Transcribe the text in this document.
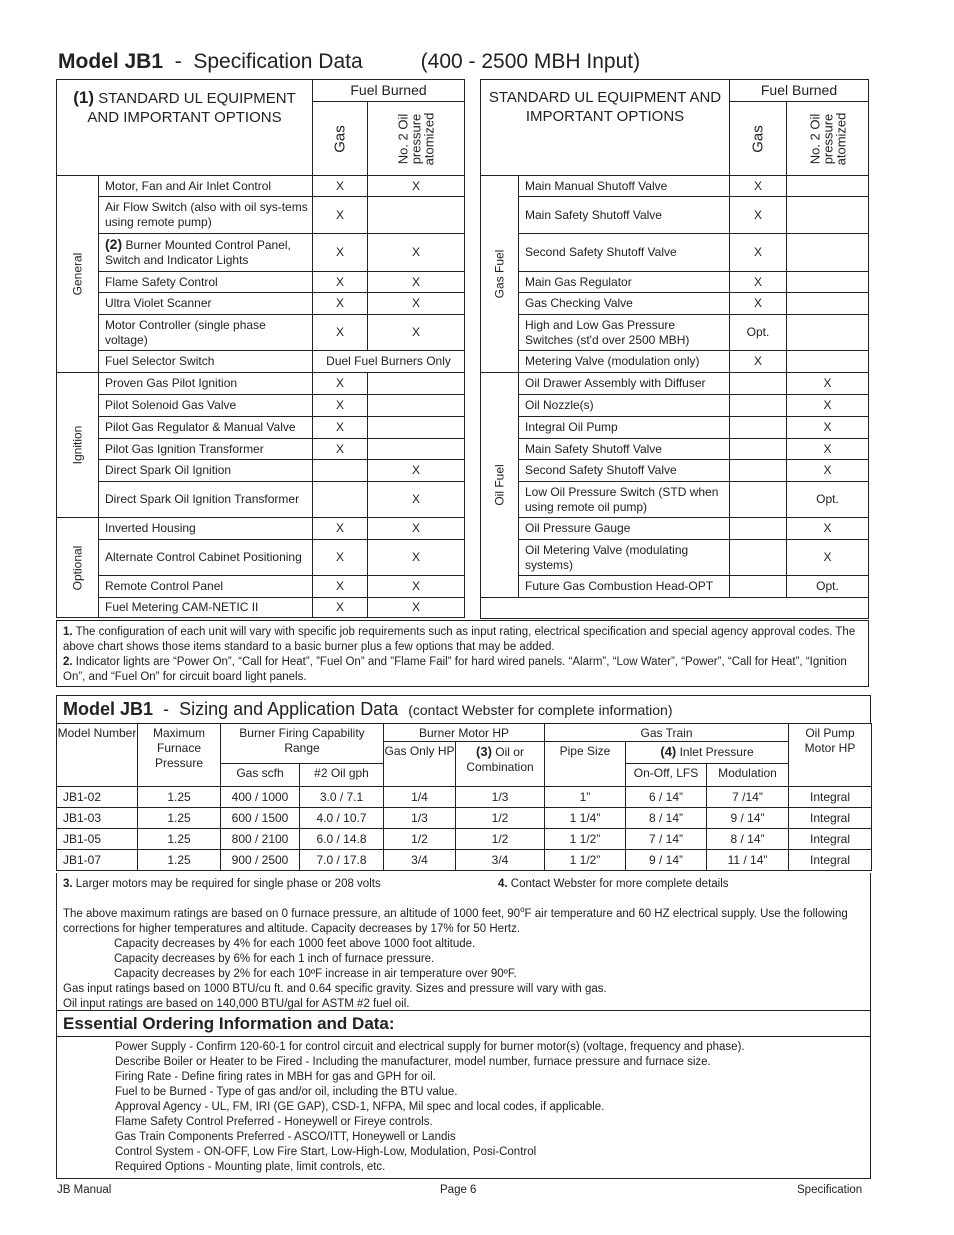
Model JB1 - Specification Data	(400 - 2500 MBH Input)
(1) STANDARD UL EQUIPMENT AND IMPORTANT OPTIONS		Fuel Burned	

		Gas	No. 2 Oil pressure atomized

General	Motor, Fan and Air Inlet Control	X	X
	Air Flow Switch (also with oil sys-tems using remote pump)	X	
	(2) Burner Mounted Control Panel, Switch and Indicator Lights	X	X
	Flame Safety Control	X	X
	Ultra Violet Scanner	X	X
	Motor Controller (single phase voltage)	X	X
	Fuel Selector Switch	Duel Fuel Burners Only	

Ignition	Proven Gas Pilot Ignition	X	
	Pilot Solenoid Gas Valve	X	
	Pilot Gas Regulator & Manual Valve	X	
	Pilot Gas Ignition Transformer	X	
	Direct Spark Oil Ignition		X
	Direct Spark Oil Ignition Transformer		X

Optional	Inverted Housing	X	X
	Alternate Control Cabinet Positioning	X	X
	Remote Control Panel	X	X
	Fuel Metering CAM-NETIC II	X	X
STANDARD UL EQUIPMENT AND IMPORTANT OPTIONS		Fuel Burned	

		Gas	No. 2 Oil pressure atomized

Gas Fuel	Main Manual Shutoff Valve	X	
	Main Safety Shutoff Valve	X	
	Second Safety Shutoff Valve	X	
	Main Gas Regulator	X	
	Gas Checking Valve	X	
	High and Low Gas Pressure Switches (st'd over 2500 MBH)	Opt.	
	Metering Valve (modulation only)	X	

Oil Fuel	Oil Drawer Assembly with Diffuser		X
	Oil Nozzle(s)		X
	Integral Oil Pump		X
	Main Safety Shutoff Valve		X
	Second Safety Shutoff Valve		X
	Low Oil Pressure Switch (STD when using remote oil pump)		Opt.
	Oil Pressure Gauge		X
	Oil Metering Valve (modulating systems)		X
	Future Gas Combustion Head-OPT		Opt.

1. The configuration of each unit will vary with specific job requirements such as input rating, electrical specification and special agency approval codes. The above chart shows those items standard to a basic burner plus a few options that may be added.
2. Indicator lights are “Power On”, “Call for Heat”, ”Fuel On” and ”Flame Fail” for hard wired panels. “Alarm”, “Low Water”, “Power”, “Call for Heat”, “Ignition On”, and “Fuel On” for circuit board light panels.
Model JB1 - Sizing and Application Data (contact Webster for complete information)
Model Number	Maximum Furnace Pressure	Burner Firing Capability Range		Burner Motor HP		Gas Train			Oil Pump Motor HP
				Gas Only HP	(3) Oil or Combination	Pipe Size	(4) Inlet Pressure		
		Gas scfh	#2 Oil gph				On-Off, LFS	Modulation	
JB1-02	1.25	400 / 1000	3.0 / 7.1	1/4	1/3	1”	6 / 14”	7 /14”	Integral
JB1-03	1.25	600 / 1500	4.0 / 10.7	1/3	1/2	1 1/4”	8 / 14”	9 / 14”	Integral
JB1-05	1.25	800 / 2100	6.0 / 14.8	1/2	1/2	1 1/2”	7 / 14”	8 / 14”	Integral
JB1-07	1.25	900 / 2500	7.0 / 17.8	3/4	3/4	1 1/2”	9 / 14”	11 / 14”	Integral
3. Larger motors may be required for single phase or 208 volts	4. Contact Webster for more complete details
The above maximum ratings are based on 0 furnace pressure, an altitude of 1000 feet, 90$^o$F air temperature and 60 HZ electrical supply. Use the following corrections for higher temperatures and altitude. Capacity decreases by 17% for 50 Hertz.
Capacity decreases by 4% for each 1000 feet above 1000 foot altitude.
Capacity decreases by 6% for each 1 inch of furnace pressure.
Capacity decreases by 2% for each 10ºF increase in air temperature over 90ºF.
Gas input ratings based on 1000 BTU/cu ft. and 0.64 specific gravity. Sizes and pressure will vary with gas.
Oil input ratings are based on 140,000 BTU/gal for ASTM #2 fuel oil.
Essential Ordering Information and Data:
Power Supply - Confirm 120-60-1 for control circuit and electrical supply for burner motor(s) (voltage, frequency and phase).
Describe Boiler or Heater to be Fired - Including the manufacturer, model number, furnace pressure and furnace size.
Firing Rate - Define firing rates in MBH for gas and GPH for oil.
Fuel to be Burned - Type of gas and/or oil, including the BTU value.
Approval Agency - UL, FM, IRI (GE GAP), CSD-1, NFPA, Mil spec and local codes, if applicable.
Flame Safety Control Preferred - Honeywell or Fireye controls.
Gas Train Components Preferred - ASCO/ITT, Honeywell or Landis
Control System - ON-OFF, Low Fire Start, Low-High-Low, Modulation, Posi-Control
Required Options - Mounting plate, limit controls, etc.
JB Manual	Page 6	Specification
